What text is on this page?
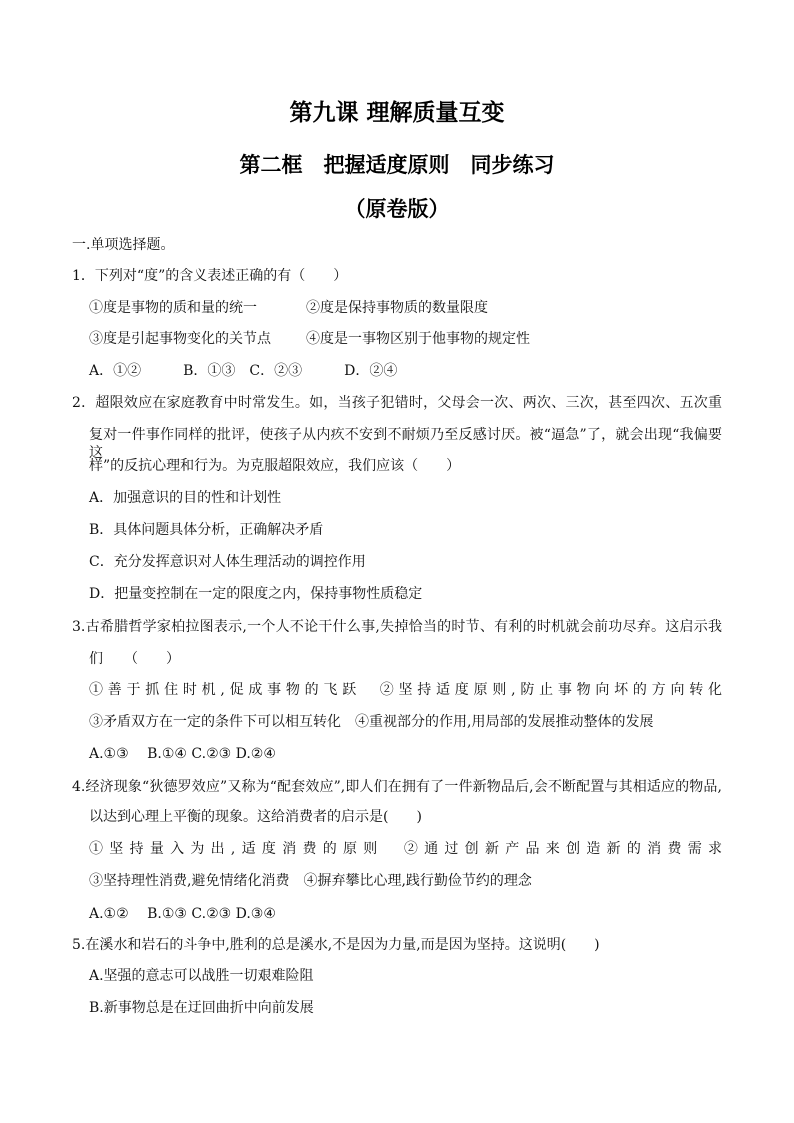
第九课 理解质量互变
第二框　把握适度原则　同步练习
（原卷版）
一.单项选择题。
1．下列对“度”的含义表述正确的有（　　）
①度是事物的质和量的统一	②度是保持事物质的数量限度
③度是引起事物变化的关节点	④度是一事物区别于他事物的规定性
A．①②　　　B．①③　C．②③　　　D．②④
2．超限效应在家庭教育中时常发生。如，当孩子犯错时，父母会一次、两次、三次，甚至四次、五次重
复对一件事作同样的批评，使孩子从内疚不安到不耐烦乃至反感讨厌。被“逼急”了，就会出现“我偏要这
样”的反抗心理和行为。为克服超限效应，我们应该（　　）
A．加强意识的目的性和计划性
B．具体问题具体分析，正确解决矛盾
C．充分发挥意识对人体生理活动的调控作用
D．把量变控制在一定的限度之内，保持事物性质稳定
3.古希腊哲学家柏拉图表示,一个人不论干什么事,失掉恰当的时节、有利的时机就会前功尽弃。这启示我
们　　（　　）
①善于抓住时机,促成事物的飞跃　②坚持适度原则,防止事物向坏的方向转化
③矛盾双方在一定的条件下可以相互转化　④重视部分的作用,用局部的发展推动整体的发展
A.①③　 B.①④ C.②③ D.②④
4.经济现象“狄德罗效应”又称为“配套效应”,即人们在拥有了一件新物品后,会不断配置与其相适应的物品,
以达到心理上平衡的现象。这给消费者的启示是(　　)
①坚持量入为出,适度消费的原则　②通过创新产品来创造新的消费需求
③坚持理性消费,避免情绪化消费　④摒弃攀比心理,践行勤俭节约的理念
A.①②　 B.①③ C.②③ D.③④
5.在溪水和岩石的斗争中,胜利的总是溪水,不是因为力量,而是因为坚持。这说明(　　)
A.坚强的意志可以战胜一切艰难险阻
B.新事物总是在迂回曲折中向前发展
